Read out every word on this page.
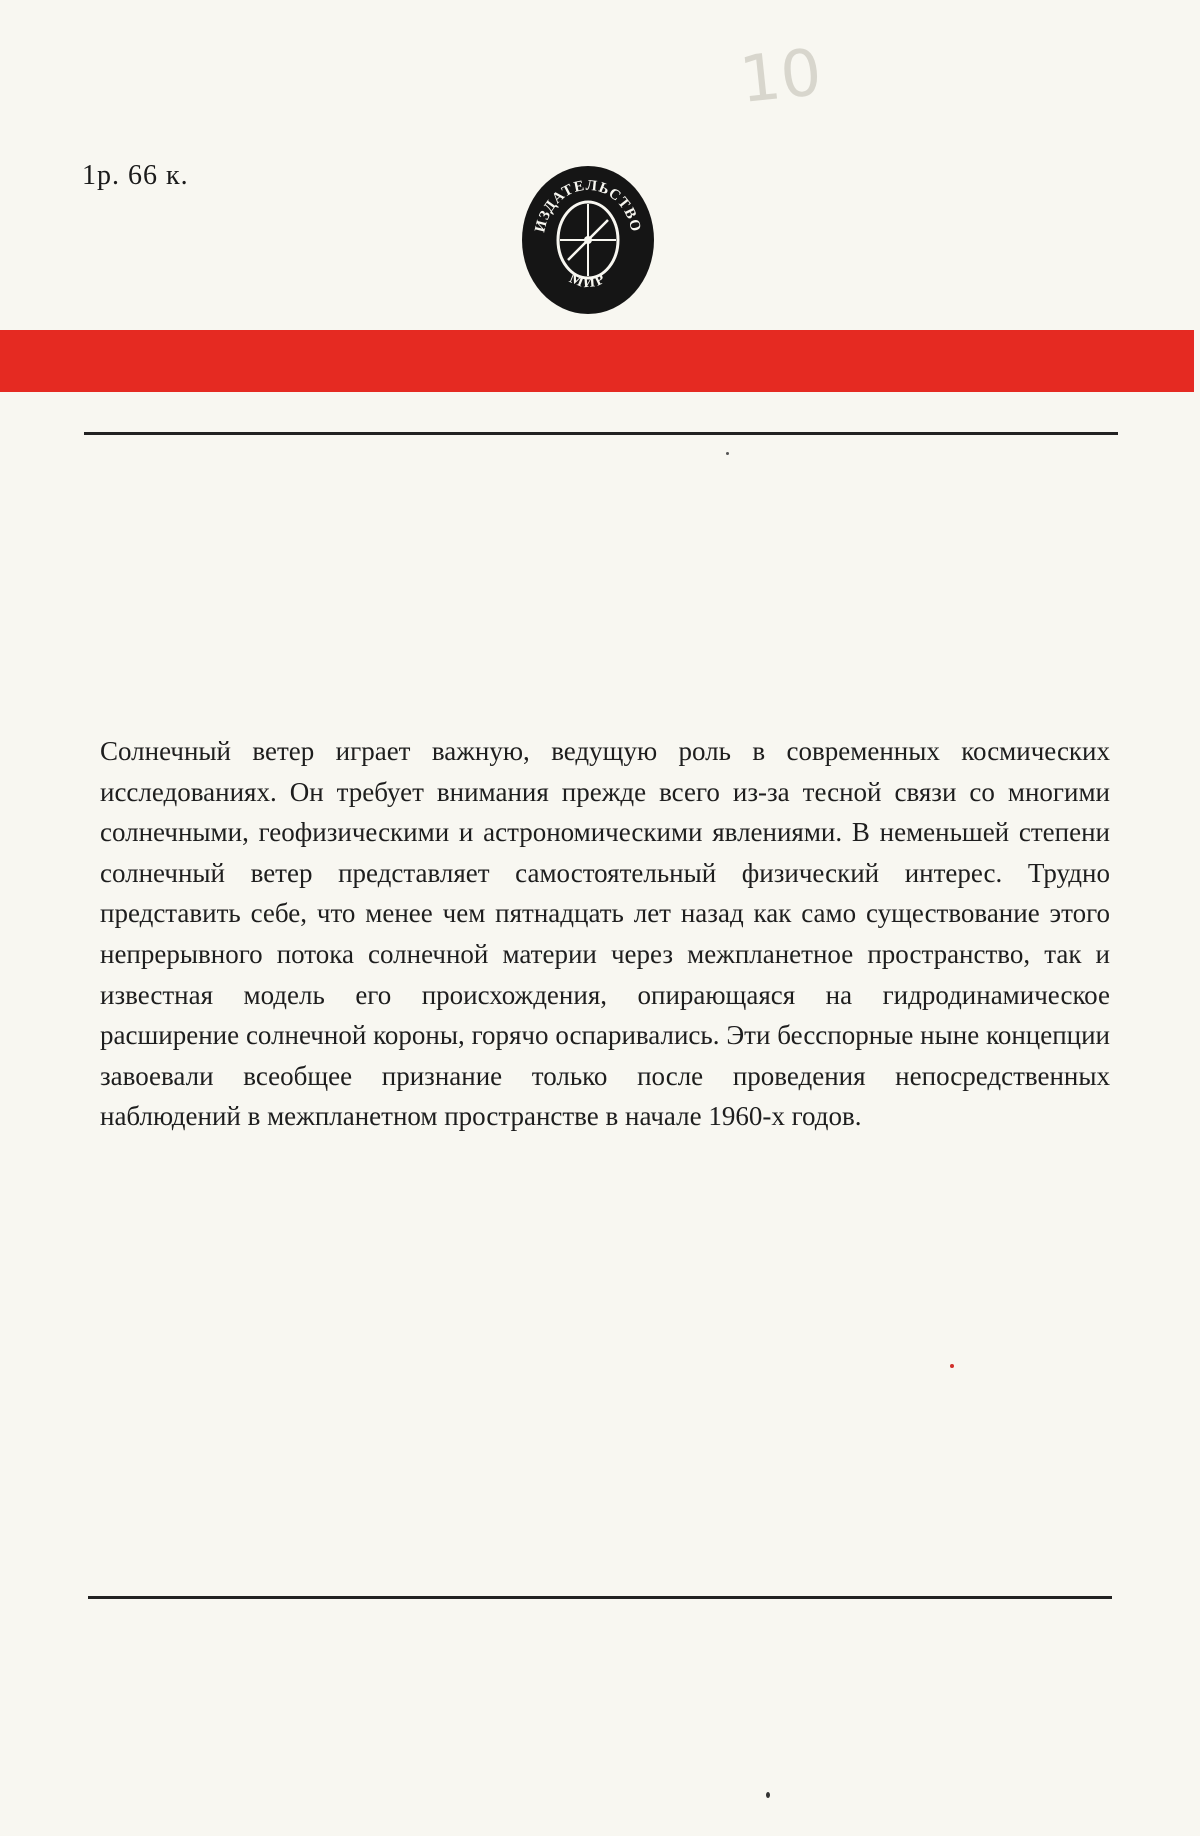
10
1р. 66 к.
ИЗДАТЕЛЬСТВО
МИР

Солнечный ветер играет важную, ведущую роль в современных космических исследованиях. Он требует внимания прежде всего из-за тесной связи со многими солнечными, геофизическими и астрономическими явлениями. В неменьшей степени солнечный ветер представляет самостоятельный физический интерес. Трудно представить себе, что менее чем пятнадцать лет назад как само существование этого непрерывного потока солнечной материи через межпланетное пространство, так и известная модель его происхождения, опирающаяся на гидродинамическое расширение солнечной короны, горячо оспаривались. Эти бесспорные ныне концепции завоевали всеобщее признание только после проведения непосредственных наблюдений в межпланетном пространстве в начале 1960-х годов.
